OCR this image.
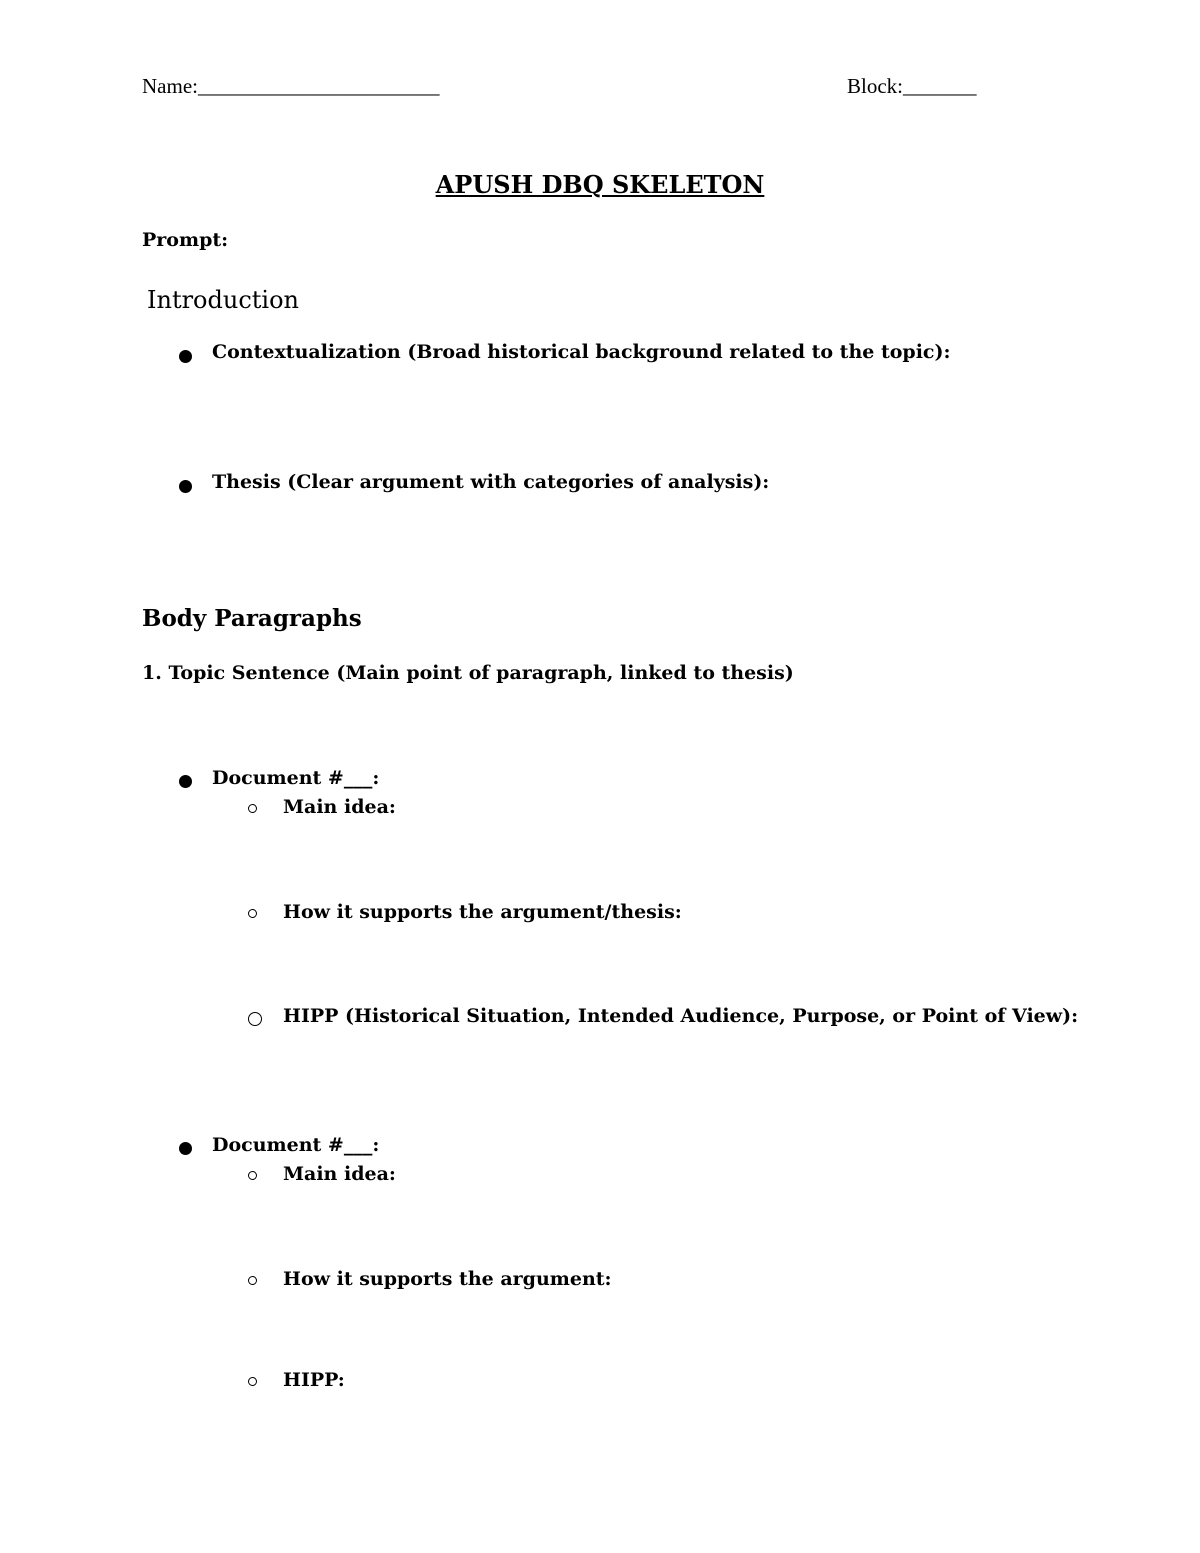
Name:_______________________	Block:_______
APUSH DBQ SKELETON
Prompt:
Introduction
Contextualization (Broad historical background related to the topic):
Thesis (Clear argument with categories of analysis):
Body Paragraphs
1. Topic Sentence (Main point of paragraph, linked to thesis)
Document #___:
Main idea:
How it supports the argument/thesis:
HIPP (Historical Situation, Intended Audience, Purpose, or Point of View):
Document #___:
Main idea:
How it supports the argument:
HIPP:
